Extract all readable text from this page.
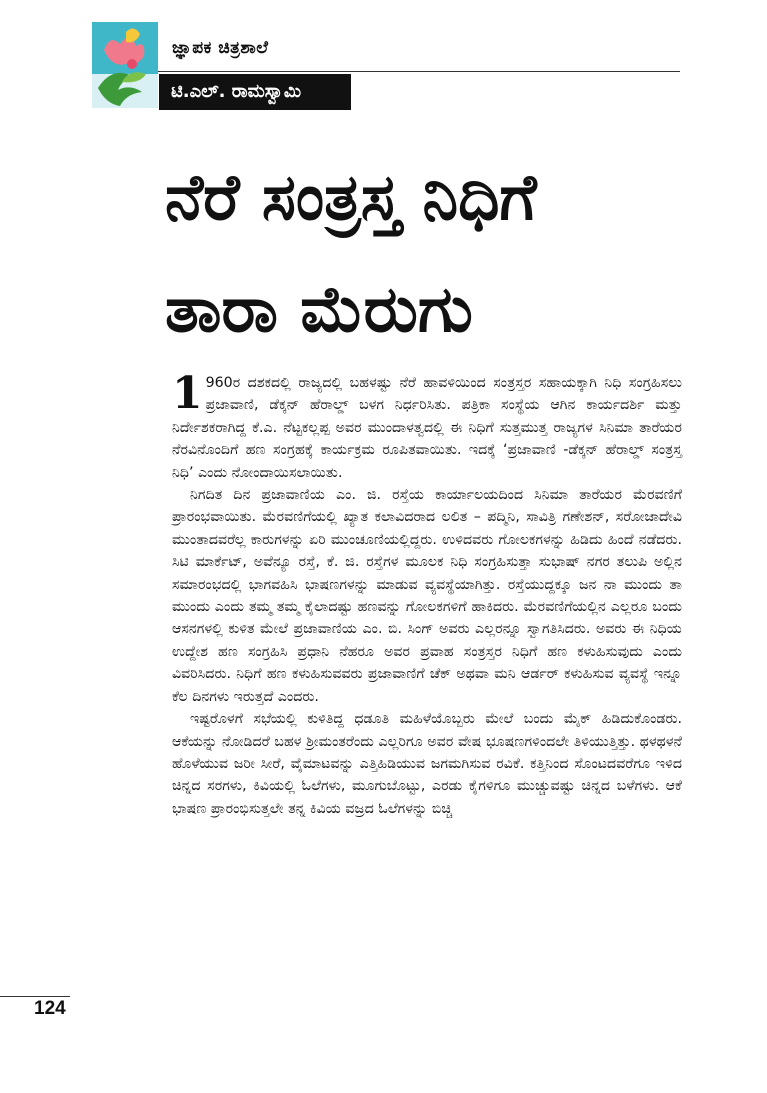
ಜ್ಞಾಪಕ ಚಿತ್ರಶಾಲೆ
ಟಿ.ಎಲ್. ರಾಮಸ್ವಾಮಿ
ನೆರೆ ಸಂತ್ರಸ್ತ ನಿಧಿಗೆ
ತಾರಾ ಮೆರುಗು

1 960ರ ದಶಕದಲ್ಲಿ ರಾಜ್ಯದಲ್ಲಿ ಬಹಳಷ್ಟು ನೆರೆ ಹಾವಳಿಯಿಂದ ಸಂತ್ರಸ್ತರ ಸಹಾಯಕ್ಕಾಗಿ ನಿಧಿ ಸಂಗ್ರಹಿಸಲು ಪ್ರಜಾವಾಣಿ, ಡೆಕ್ಕನ್ ಹೆರಾಲ್ಡ್ ಬಳಗ ನಿರ್ಧರಿಸಿತು. ಪತ್ರಿಕಾ ಸಂಸ್ಥೆಯ ಆಗಿನ ಕಾರ್ಯದರ್ಶಿ ಮತ್ತು ನಿರ್ದೇಶಕರಾಗಿದ್ದ ಕೆ.ಎ. ನೆಟ್ಟಕಲ್ಲಪ್ಪ ಅವರ ಮುಂದಾಳತ್ವದಲ್ಲಿ ಈ ನಿಧಿಗೆ ಸುತ್ತಮುತ್ತ ರಾಜ್ಯಗಳ ಸಿನಿಮಾ ತಾರೆಯರ ನೆರವಿನೊಂದಿಗೆ ಹಣ ಸಂಗ್ರಹಕ್ಕೆ ಕಾರ್ಯಕ್ರಮ ರೂಪಿತವಾಯಿತು. ಇದಕ್ಕೆ ‘ಪ್ರಜಾವಾಣಿ -ಡೆಕ್ಕನ್ ಹೆರಾಲ್ಡ್ ಸಂತ್ರಸ್ತ ನಿಧಿ’ ಎಂದು ನೋಂದಾಯಿಸಲಾಯಿತು.

ನಿಗದಿತ ದಿನ ಪ್ರಜಾವಾಣಿಯ ಎಂ. ಜಿ. ರಸ್ತೆಯ ಕಾರ್ಯಾಲಯದಿಂದ ಸಿನಿಮಾ ತಾರೆಯರ ಮೆರವಣಿಗೆ ಪ್ರಾರಂಭವಾಯಿತು. ಮೆರವಣಿಗೆಯಲ್ಲಿ ಖ್ಯಾತ ಕಲಾವಿದರಾದ ಲಲಿತ – ಪದ್ಮಿನಿ, ಸಾವಿತ್ರಿ ಗಣೇಶನ್, ಸರೋಜಾದೇವಿ ಮುಂತಾದವರೆಲ್ಲ ಕಾರುಗಳನ್ನು ಏರಿ ಮುಂಚೂಣಿಯಲ್ಲಿದ್ದರು. ಉಳಿದವರು ಗೋಲಕಗಳನ್ನು ಹಿಡಿದು ಹಿಂದೆ ನಡೆದರು. ಸಿಟಿ ಮಾರ್ಕೆಟ್, ಅವೆನ್ಯೂ ರಸ್ತೆ, ಕೆ. ಜಿ. ರಸ್ತೆಗಳ ಮೂಲಕ ನಿಧಿ ಸಂಗ್ರಹಿಸುತ್ತಾ ಸುಭಾಷ್ ನಗರ ತಲುಪಿ ಅಲ್ಲಿನ ಸಮಾರಂಭದಲ್ಲಿ ಭಾಗವಹಿಸಿ ಭಾಷಣಗಳನ್ನು ಮಾಡುವ ವ್ಯವಸ್ಥೆಯಾಗಿತ್ತು. ರಸ್ತೆಯುದ್ದಕ್ಕೂ ಜನ ನಾ ಮುಂದು ತಾ ಮುಂದು ಎಂದು ತಮ್ಮ ತಮ್ಮ ಕೈಲಾದಷ್ಟು ಹಣವನ್ನು ಗೋಲಕಗಳಿಗೆ ಹಾಕಿದರು. ಮೆರವಣಿಗೆಯಲ್ಲಿನ ಎಲ್ಲರೂ ಬಂದು ಆಸನಗಳಲ್ಲಿ ಕುಳಿತ ಮೇಲೆ ಪ್ರಜಾವಾಣಿಯ ಎಂ. ಬಿ. ಸಿಂಗ್ ಅವರು ಎಲ್ಲರನ್ನೂ ಸ್ವಾಗತಿಸಿದರು. ಅವರು ಈ ನಿಧಿಯ ಉದ್ದೇಶ ಹಣ ಸಂಗ್ರಹಿಸಿ ಪ್ರಧಾನಿ ನೆಹರೂ ಅವರ ಪ್ರವಾಹ ಸಂತ್ರಸ್ತರ ನಿಧಿಗೆ ಹಣ ಕಳುಹಿಸುವುದು ಎಂದು ವಿವರಿಸಿದರು. ನಿಧಿಗೆ ಹಣ ಕಳುಹಿಸುವವರು ಪ್ರಜಾವಾಣಿಗೆ ಚೆಕ್ ಅಥವಾ ಮನಿ ಆರ್ಡರ್ ಕಳುಹಿಸುವ ವ್ಯವಸ್ಥೆ ಇನ್ನೂ ಕೆಲ ದಿನಗಳು ಇರುತ್ತದೆ ಎಂದರು.

ಇಷ್ಟರೊಳಗೆ ಸಭೆಯಲ್ಲಿ ಕುಳಿತಿದ್ದ ಧಡೂತಿ ಮಹಿಳೆಯೊಬ್ಬರು ಮೇಲೆ ಬಂದು ಮೈಕ್ ಹಿಡಿದುಕೊಂಡರು. ಆಕೆಯನ್ನು ನೋಡಿದರೆ ಬಹಳ ಶ್ರೀಮಂತರೆಂದು ಎಲ್ಲರಿಗೂ ಅವರ ವೇಷ ಭೂಷಣಗಳಿಂದಲೇ ತಿಳಿಯುತ್ತಿತ್ತು. ಥಳಥಳನೆ ಹೊಳೆಯುವ ಜರೀ ಸೀರೆ, ವೈಮಾಟವನ್ನು ಎತ್ತಿಹಿಡಿಯುವ ಜಗಮಗಿಸುವ ರವಿಕೆ. ಕತ್ತಿನಿಂದ ಸೊಂಟದವರೆಗೂ ಇಳಿದ ಚಿನ್ನದ ಸರಗಳು, ಕಿವಿಯಲ್ಲಿ ಓಲೆಗಳು, ಮೂಗುಬೊಟ್ಟು, ಎರಡು ಕೈಗಳಿಗೂ ಮುಚ್ಚುವಷ್ಟು ಚಿನ್ನದ ಬಳೆಗಳು. ಆಕೆ ಭಾಷಣ ಪ್ರಾರಂಭಿಸುತ್ತಲೇ ತನ್ನ ಕಿವಿಯ ವಜ್ರದ ಓಲೆಗಳನ್ನು ಬಿಚ್ಚಿ

124
